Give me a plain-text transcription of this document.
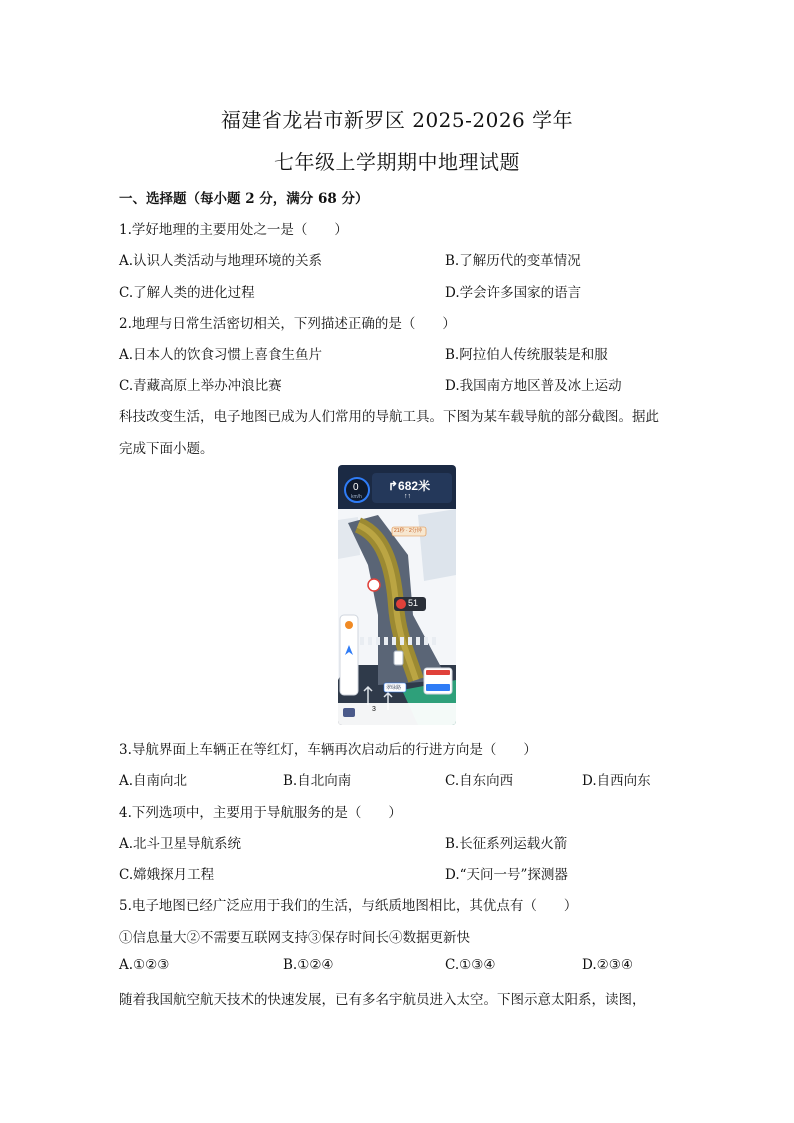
福建省龙岩市新罗区 2025-2026 学年
七年级上学期期中地理试题

一、选择题（每小题 2 分，满分 68 分）

1.学好地理的主要用处之一是（　　）

A.认识人类活动与地理环境的关系	B.了解历代的变革情况
C.了解人类的进化过程	D.学会许多国家的语言

2.地理与日常生活密切相关，下列描述正确的是（　　）

A.日本人的饮食习惯上喜食生鱼片	B.阿拉伯人传统服装是和服
C.青藏高原上举办冲浪比赛	D.我国南方地区普及冰上运动

科技改变生活，电子地图已成为人们常用的导航工具。下图为某车载导航的部分截图。据此

完成下面小题。

0
km/h
↱682米
↑↑
21秒 · 2分钟
51
翠绿路
3

3.导航界面上车辆正在等红灯，车辆再次启动后的行进方向是（　　）

A.自南向北	B.自北向南	C.自东向西	D.自西向东

4.下列选项中，主要用于导航服务的是（　　）

A.北斗卫星导航系统	B.长征系列运载火箭
C.嫦娥探月工程	D.“天问一号”探测器

5.电子地图已经广泛应用于我们的生活，与纸质地图相比，其优点有（　　）

①信息量大②不需要互联网支持③保存时间长④数据更新快

A.①②③	B.①②④	C.①③④	D.②③④

随着我国航空航天技术的快速发展，已有多名宇航员进入太空。下图示意太阳系，读图，
